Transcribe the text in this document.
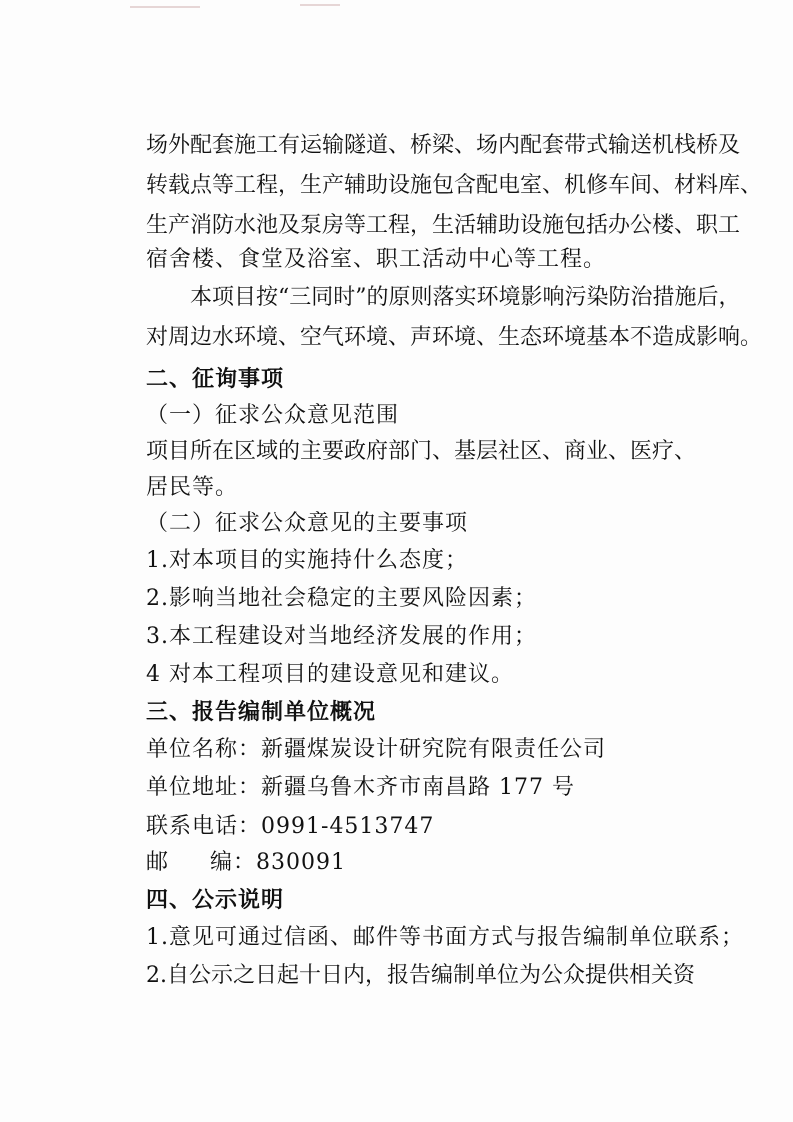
场外配套施工有运输隧道、桥梁、场内配套带式输送机栈桥及
转载点等工程，生产辅助设施包含配电室、机修车间、材料库、
生产消防水池及泵房等工程，生活辅助设施包括办公楼、职工
宿舍楼、食堂及浴室、职工活动中心等工程。
本项目按“三同时”的原则落实环境影响污染防治措施后，
对周边水环境、空气环境、声环境、生态环境基本不造成影响。
二、征询事项
（一）征求公众意见范围
项目所在区域的主要政府部门、基层社区、商业、医疗、
居民等。
（二）征求公众意见的主要事项
1.对本项目的实施持什么态度；
2.影响当地社会稳定的主要风险因素；
3.本工程建设对当地经济发展的作用；
4 对本工程项目的建设意见和建议。
三、报告编制单位概况
单位名称：新疆煤炭设计研究院有限责任公司
单位地址：新疆乌鲁木齐市南昌路 177 号
联系电话：0991-4513747
邮 编：830091
四、公示说明
1.意见可通过信函、邮件等书面方式与报告编制单位联系；
2.自公示之日起十日内，报告编制单位为公众提供相关资
